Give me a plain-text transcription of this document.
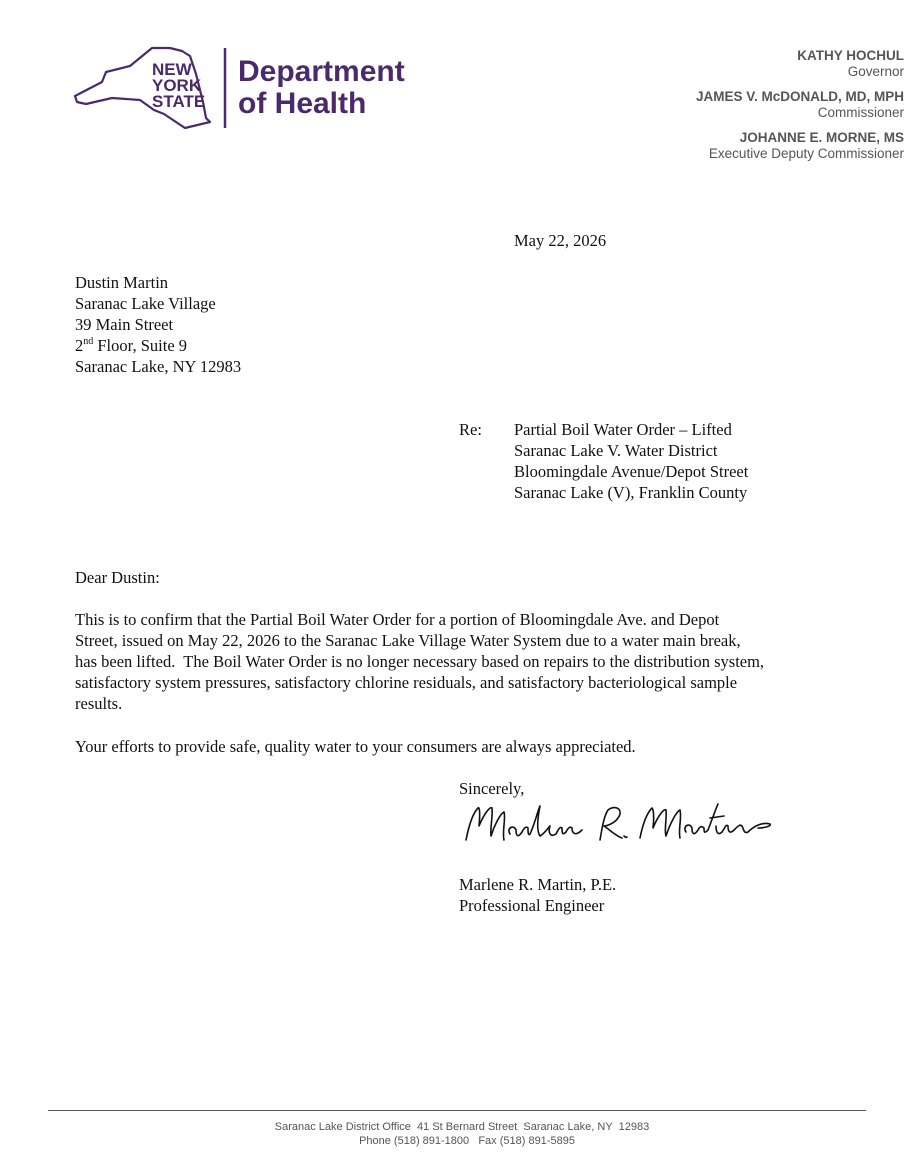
NEW
YORK
STATE
Department
of Health
KATHY HOCHUL
Governor
JAMES V. McDONALD, MD, MPH
Commissioner
JOHANNE E. MORNE, MS
Executive Deputy Commissioner
May 22, 2026
Dustin Martin
Saranac Lake Village
39 Main Street
2nd Floor, Suite 9
Saranac Lake, NY 12983
Re: Partial Boil Water Order – Lifted
Saranac Lake V. Water District
Bloomingdale Avenue/Depot Street
Saranac Lake (V), Franklin County
Dear Dustin:
This is to confirm that the Partial Boil Water Order for a portion of Bloomingdale Ave. and Depot
Street, issued on May 22, 2026 to the Saranac Lake Village Water System due to a water main break,
has been lifted.  The Boil Water Order is no longer necessary based on repairs to the distribution system,
satisfactory system pressures, satisfactory chlorine residuals, and satisfactory bacteriological sample
results.
Your efforts to provide safe, quality water to your consumers are always appreciated.
Sincerely,
Marlene R. Martin, P.E.
Professional Engineer
Saranac Lake District Office  41 St Bernard Street  Saranac Lake, NY  12983
Phone (518) 891-1800   Fax (518) 891-5895
